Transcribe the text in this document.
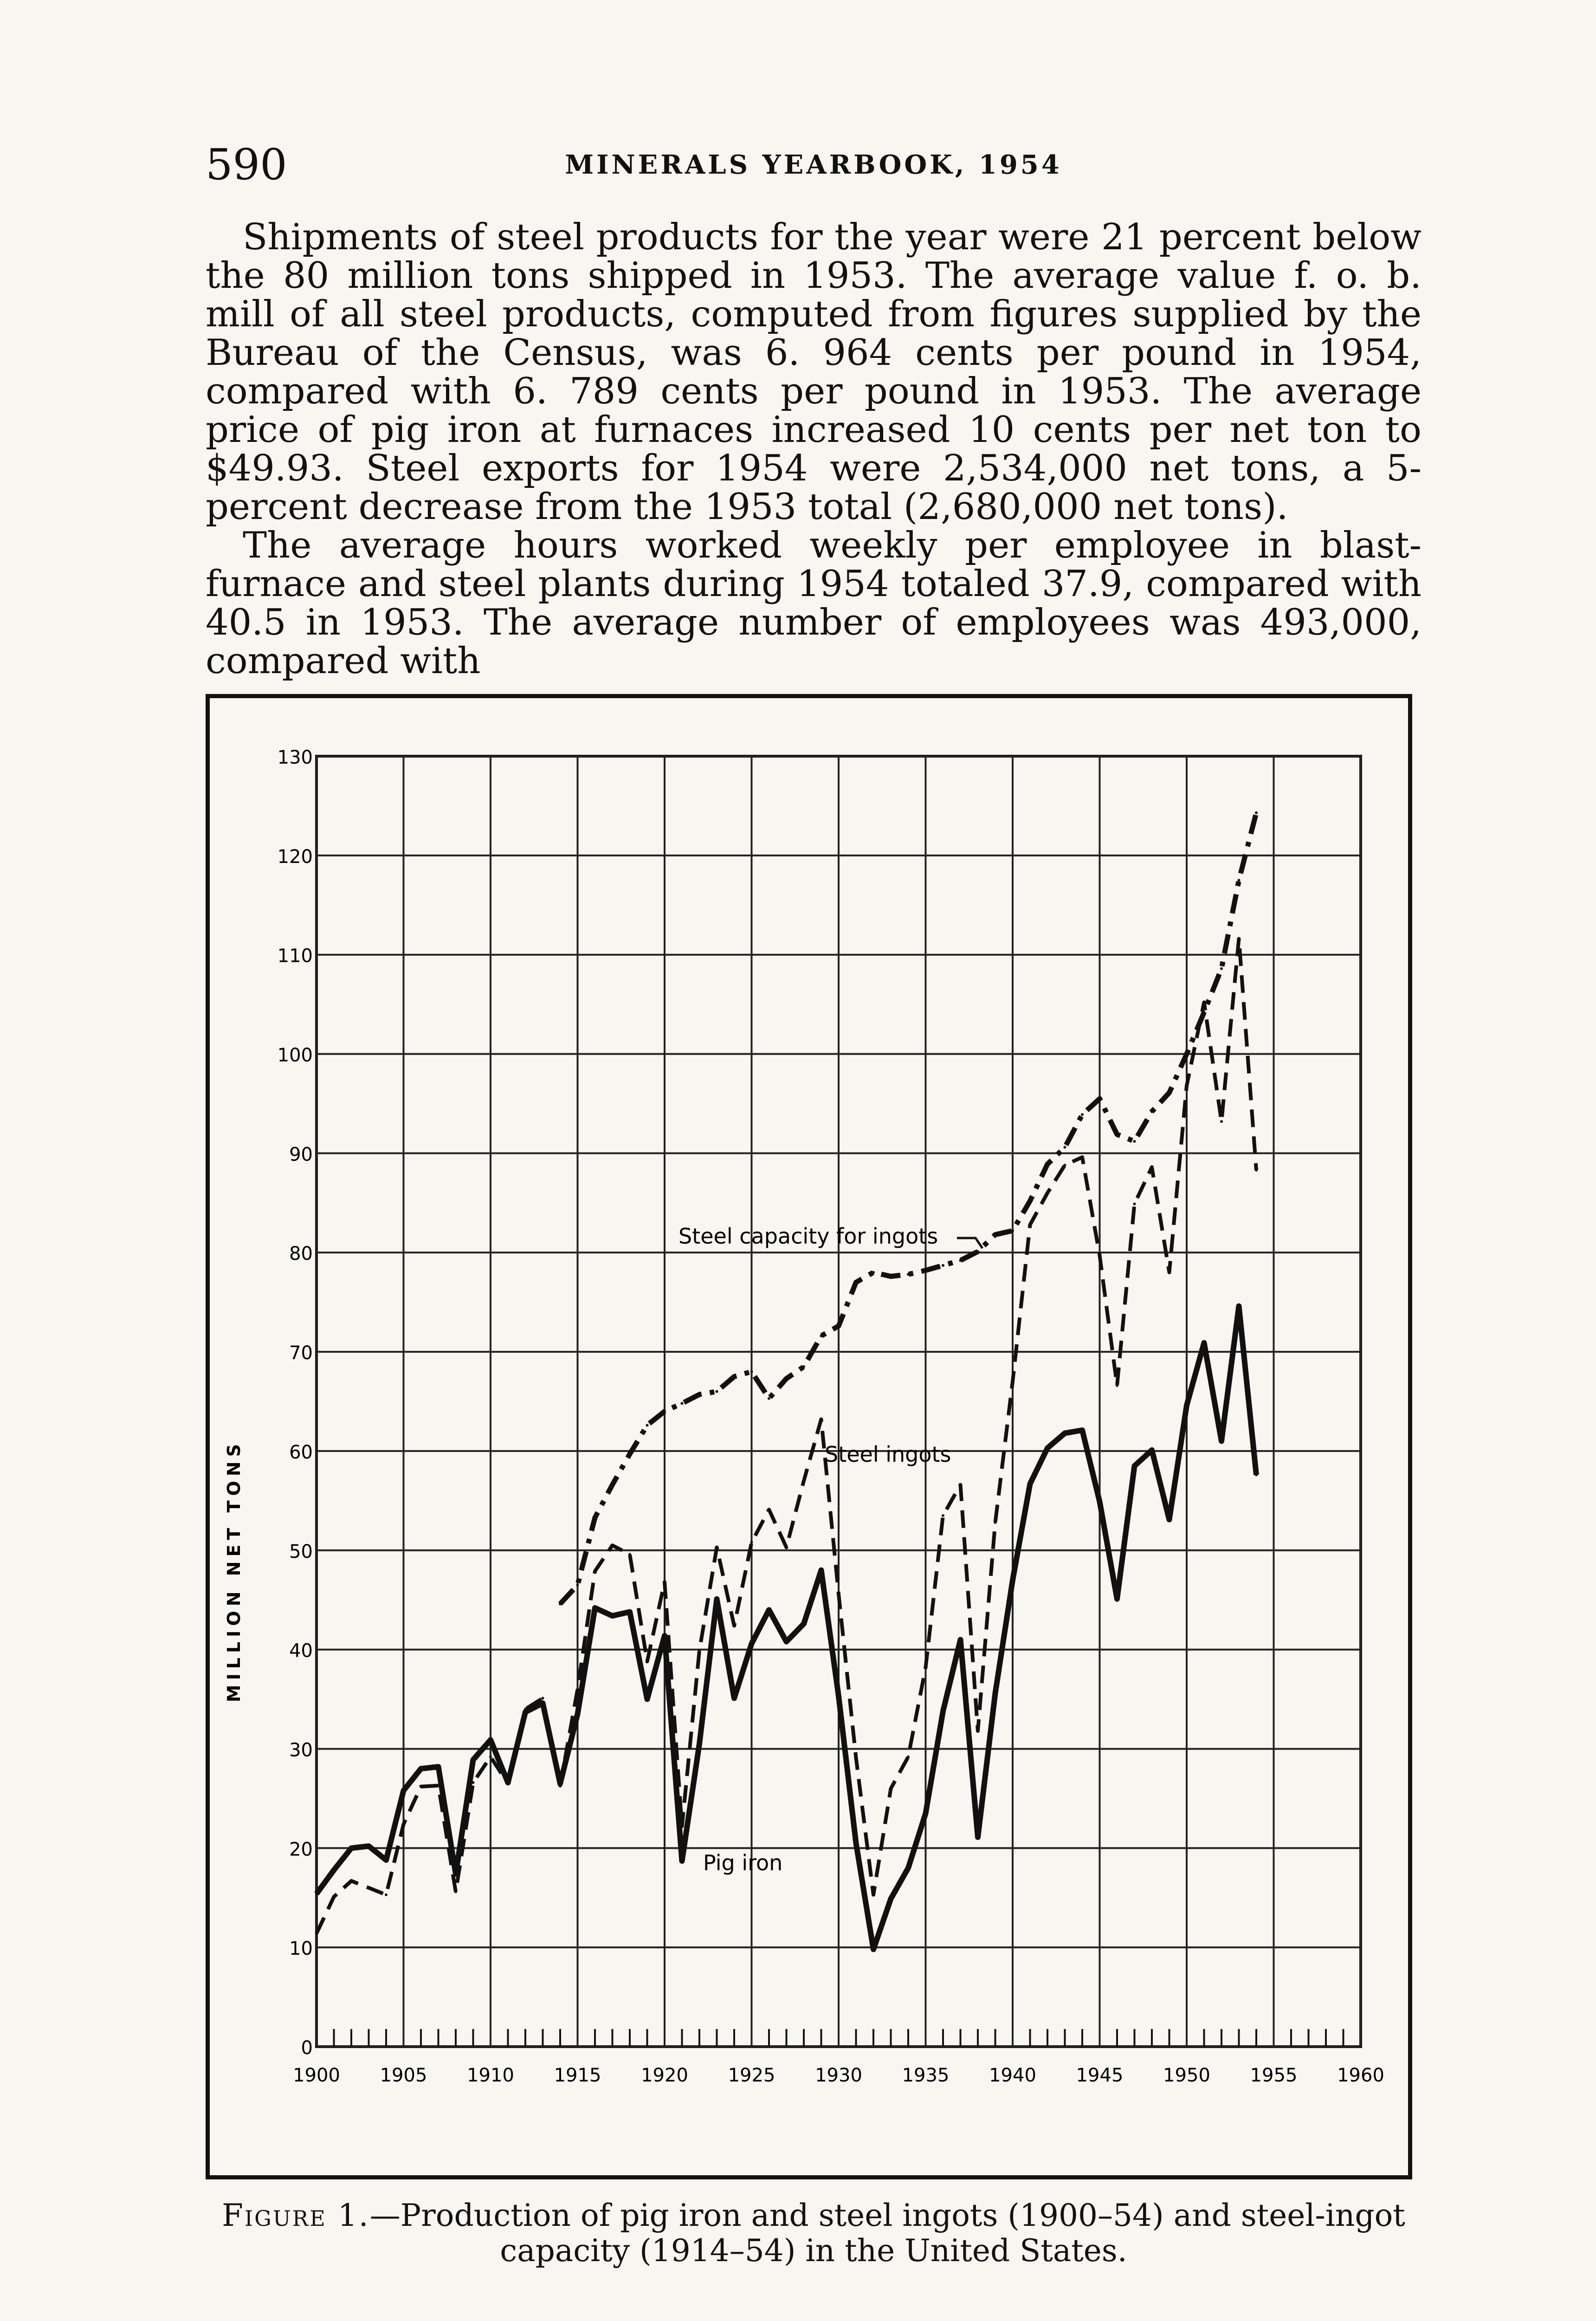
590	MINERALS YEARBOOK, 1954

Shipments of steel products for the year were 21 percent below the 80 million tons shipped in 1953. The average value f. o. b. mill of all steel products, computed from figures supplied by the Bureau of the Census, was 6. 964 cents per pound in 1954, compared with 6. 789 cents per pound in 1953. The average price of pig iron at furnaces increased 10 cents per net ton to $49.93. Steel exports for 1954 were 2,534,000 net tons, a 5-percent decrease from the 1953 total (2,680,000 net tons).

The average hours worked weekly per employee in blast-furnace and steel plants during 1954 totaled 37.9, compared with 40.5 in 1953. The average number of employees was 493,000, compared with

0
10
20
30
40
50
60
70
80
90
100
110
120
130
1900 1905 1910 1915 1920 1925 1930 1935 1940 1945 1950 1955 1960
MILLION NET TONS
Steel capacity for ingots
Steel ingots
Pig iron
Figure 1.—Production of pig iron and steel ingots (1900–54) and steel-ingot capacity (1914–54) in the United States.
